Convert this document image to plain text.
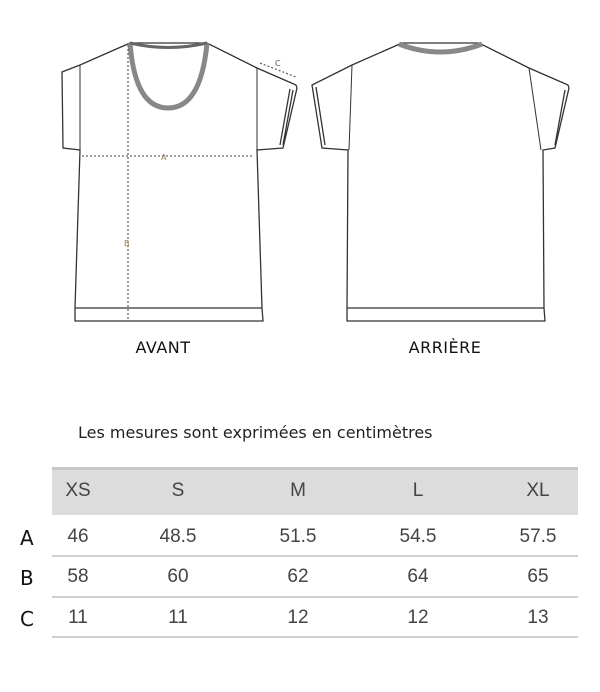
A
B
C
AVANT	ARRIÈRE
Les mesures sont exprimées en centimètres
XS	S	M	L	XL
A	46	48.5	51.5	54.5	57.5
B	58	60	62	64	65
C	11	11	12	12	13
